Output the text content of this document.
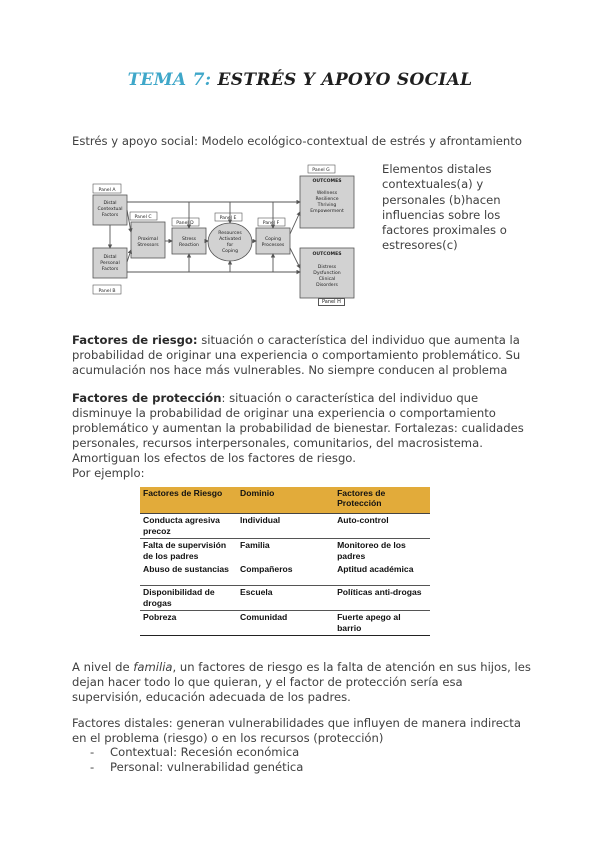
TEMA 7: ESTRÉS Y APOYO SOCIAL
Estrés y apoyo social: Modelo ecológico-contextual de estrés y afrontamiento
Panel A
Panel B
Panel C
Panel D
Panel E
Panel F
Panel G
Distal
Contextual
Factors
Distal
Personal
Factors
Proximal
Stressors
Stress
Reaction
Resources
Activated
for
Coping
Coping
Processes
OUTCOMES
Wellness
Resilience
Thriving
Empowerment
OUTCOMES
Distress
Dysfunction
Clinical
Disorders
Panel H
Elementos distales contextuales(a) y personales (b)hacen influencias sobre los factores proximales o estresores(c)
Factores de riesgo: situación o característica del individuo que aumenta la probabilidad de originar una experiencia o comportamiento problemático. Su acumulación nos hace más vulnerables. No siempre conducen al problema
Factores de protección: situación o característica del individuo que disminuye la probabilidad de originar una experiencia o comportamiento problemático y aumentan la probabilidad de bienestar. Fortalezas: cualidades personales, recursos interpersonales, comunitarios, del macrosistema. Amortiguan los efectos de los factores de riesgo.
Por ejemplo:
Factores de Riesgo	Dominio	Factores de Protección
Conducta agresiva precoz	Individual	Auto-control
Falta de supervisión de los padres	Familia	Monitoreo de los padres
Abuso de sustancias	Compañeros	Aptitud académica
Disponibilidad de drogas	Escuela	Políticas anti-drogas
Pobreza	Comunidad	Fuerte apego al barrio
A nivel de familia, un factores de riesgo es la falta de atención en sus hijos, les dejan hacer todo lo que quieran, y el factor de protección sería esa supervisión, educación adecuada de los padres.
Factores distales: generan vulnerabilidades que influyen de manera indirecta en el problema (riesgo) o en los recursos (protección)
- Contextual: Recesión económica
- Personal: vulnerabilidad genética
